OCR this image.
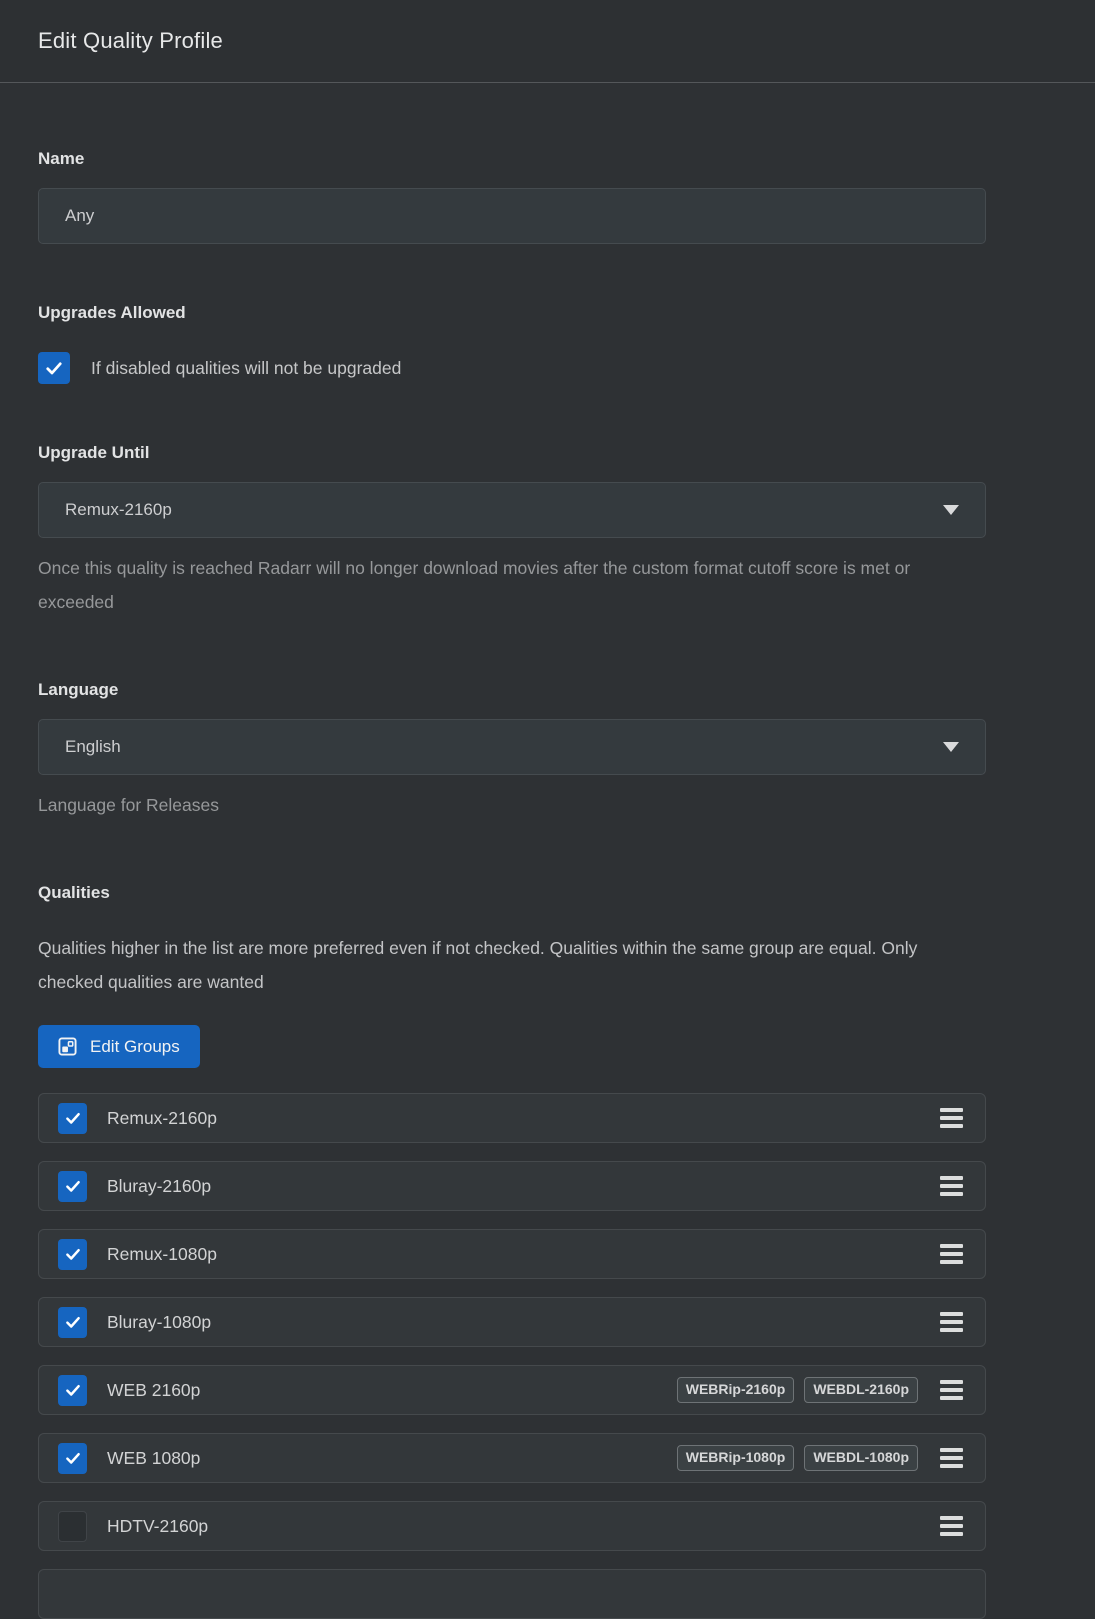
Edit Quality Profile
Name
Any
Upgrades Allowed
If disabled qualities will not be upgraded
Upgrade Until
Remux-2160p
Once this quality is reached Radarr will no longer download movies after the custom format cutoff score is met or exceeded
Language
English
Language for Releases
Qualities
Qualities higher in the list are more preferred even if not checked. Qualities within the same group are equal. Only checked qualities are wanted
Edit Groups
Remux-2160p
Bluray-2160p
Remux-1080p
Bluray-1080p
WEB 2160p	WEBRip-2160p	WEBDL-2160p
WEB 1080p	WEBRip-1080p	WEBDL-1080p
HDTV-2160p
